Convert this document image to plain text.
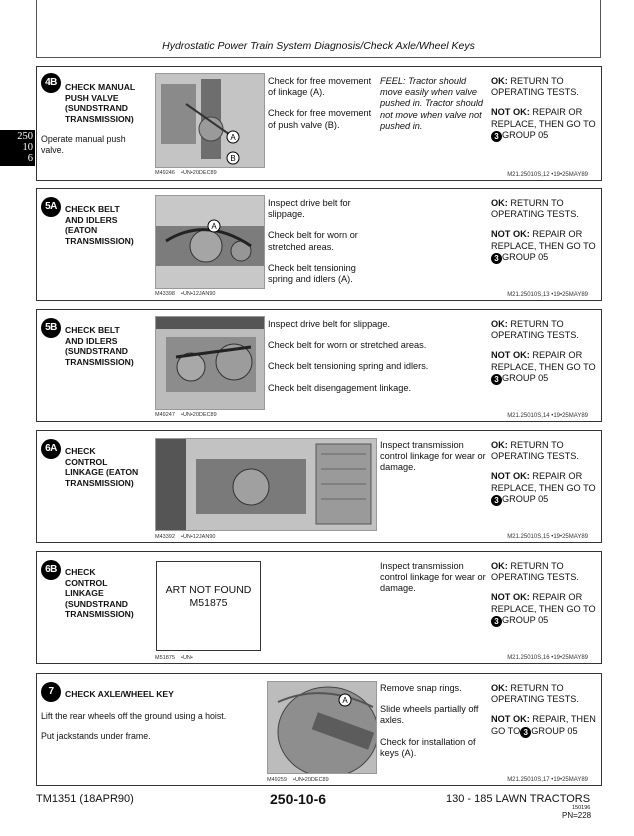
Hydrostatic Power Train System Diagnosis/Check Axle/Wheel Keys
250
10
6
4B CHECK MANUAL
PUSH VALVE
(SUNDSTRAND
TRANSMISSION)
Operate manual push valve.
A
B
M49246 •UN•20DEC89

Check for free movement of linkage (A).

Check for free movement of push valve (B).

FEEL: Tractor should move easily when valve pushed in. Tractor should not move when valve not pushed in.

OK: RETURN TO OPERATING TESTS.

NOT OK: REPAIR OR REPLACE, THEN GO TO3 GROUP 05

M21.25010S,12 •19•25MAY89
5A CHECK BELT
AND IDLERS
(EATON
TRANSMISSION)
A
M43398 •UN•12JAN90

Inspect drive belt for slippage.

Check belt for worn or stretched areas.

Check belt tensioning spring and idlers (A).

OK: RETURN TO OPERATING TESTS.

NOT OK: REPAIR OR REPLACE, THEN GO TO3 GROUP 05

M21.25010S,13 •19•25MAY89
5B CHECK BELT
AND IDLERS
(SUNDSTRAND
TRANSMISSION)
M49247 •UN•20DEC89

Inspect drive belt for slippage.

Check belt for worn or stretched areas.

Check belt tensioning spring and idlers.

Check belt disengagement linkage.

OK: RETURN TO OPERATING TESTS.

NOT OK: REPAIR OR REPLACE, THEN GO TO3 GROUP 05

M21.25010S,14 •19•25MAY89
6A CHECK
CONTROL
LINKAGE (EATON
TRANSMISSION)
M43392 •UN•12JAN90

Inspect transmission control linkage for wear or damage.

OK: RETURN TO OPERATING TESTS.

NOT OK: REPAIR OR REPLACE, THEN GO TO3 GROUP 05

M21.25010S,15 •19•25MAY89
6B CHECK
CONTROL
LINKAGE
(SUNDSTRAND
TRANSMISSION)
ART NOT FOUND
M51875
M51875 •UN•

Inspect transmission control linkage for wear or damage.

OK: RETURN TO OPERATING TESTS.

NOT OK: REPAIR OR REPLACE, THEN GO TO3 GROUP 05

M21.25010S,16 •19•25MAY89
7	CHECK AXLE/WHEEL KEY
Lift the rear wheels off the ground using a hoist.
Put jackstands under frame.
A
M49259 •UN•20DEC89

Remove snap rings.

Slide wheels partially off axles.

Check for installation of keys (A).

OK: RETURN TO OPERATING TESTS.

NOT OK: REPAIR, THEN GO TO 3 GROUP 05

M21.25010S,17 •19•25MAY89
TM1351 (18APR90)	250-10-6	130 - 185 LAWN TRACTORS
150196
PN=228
